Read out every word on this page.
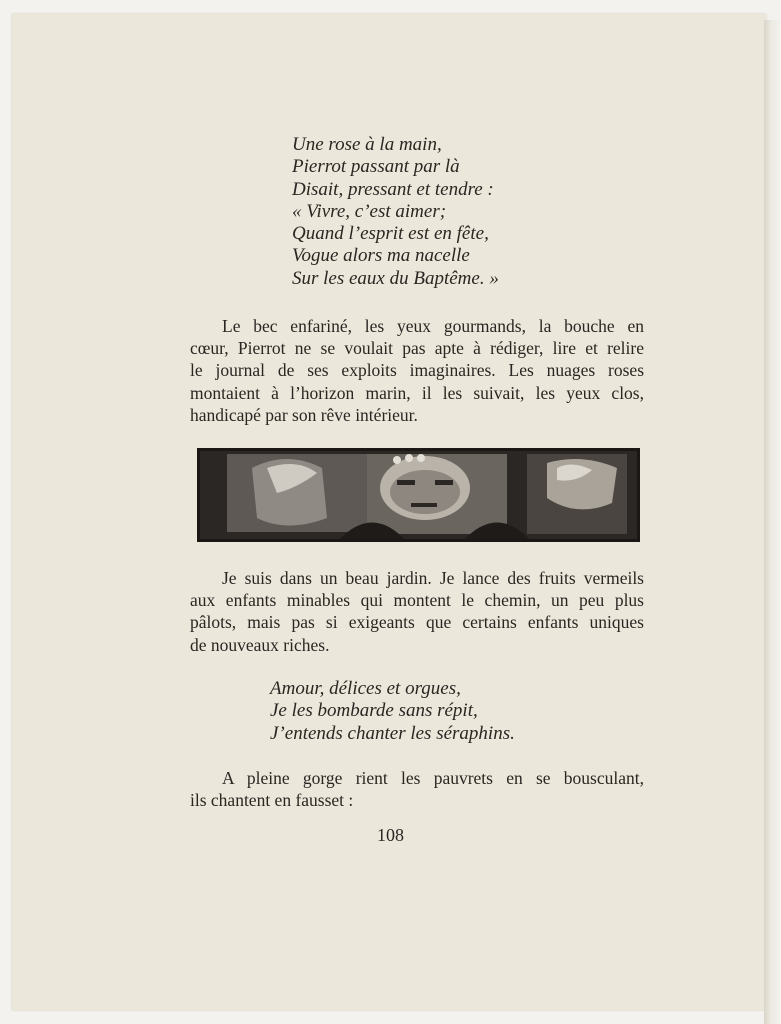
Une rose à la main,
Pierrot passant par là
Disait, pressant et tendre :
« Vivre, c’est aimer;
Quand l’esprit est en fête,
Vogue alors ma nacelle
Sur les eaux du Baptême. »
Le bec enfariné, les yeux gourmands, la bouche en
cœur, Pierrot ne se voulait pas apte à rédiger, lire et relire
le journal de ses exploits imaginaires. Les nuages roses
montaient à l’horizon marin, il les suivait, les yeux clos,
handicapé par son rêve intérieur.
Je suis dans un beau jardin. Je lance des fruits vermeils
aux enfants minables qui montent le chemin, un peu plus
pâlots, mais pas si exigeants que certains enfants uniques
de nouveaux riches.
Amour, délices et orgues,
Je les bombarde sans répit,
J’entends chanter les séraphins.
A pleine gorge rient les pauvrets en se bousculant,
ils chantent en fausset :
108
